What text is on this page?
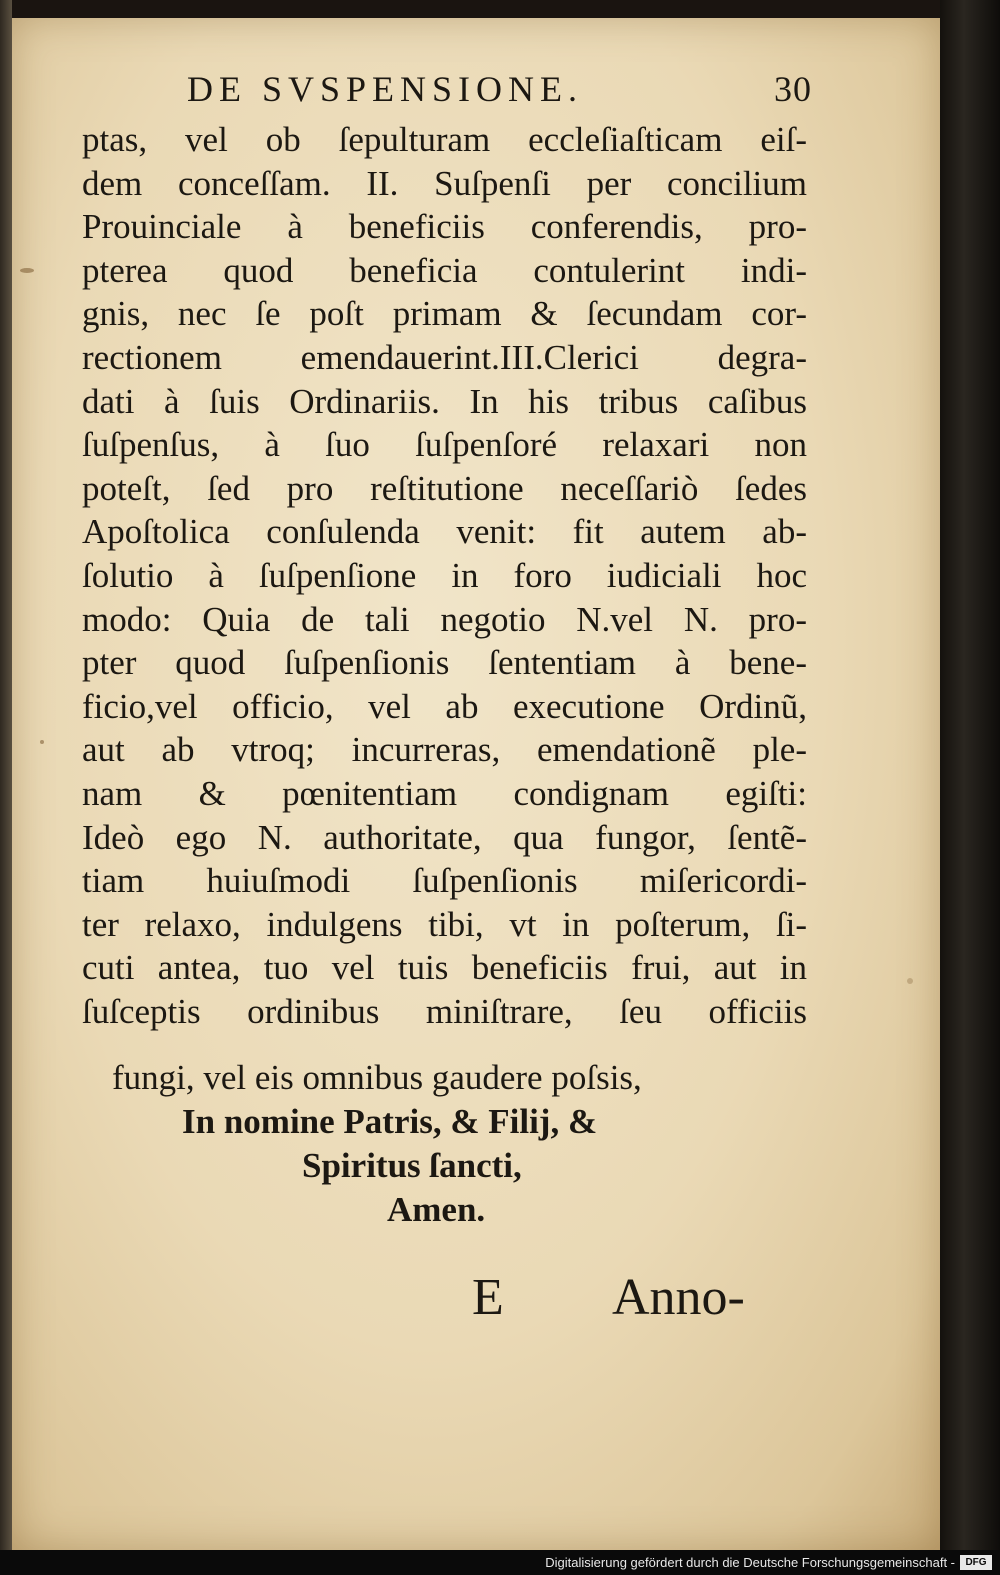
DE SVSPENSIONE.	30
ptas, vel ob ſepulturam eccleſiaſticam eiſ-
dem conceſſam. II. Suſpenſi per concilium
Prouinciale à beneficiis conferendis, pro-
pterea quod beneficia contulerint indi-
gnis, nec ſe poſt primam & ſecundam cor-
rectionem emendauerint.III.Clerici degra-
dati à ſuis Ordinariis. In his tribus caſibus
ſuſpenſus, à ſuo ſuſpenſoré relaxari non
poteſt, ſed pro reſtitutione neceſſariò ſedes
Apoſtolica conſulenda venit: fit autem ab-
ſolutio à ſuſpenſione in foro iudiciali hoc
modo: Quia de tali negotio N.vel N. pro-
pter quod ſuſpenſionis ſententiam à bene-
ficio,vel officio, vel ab executione Ordinũ,
aut ab vtroq; incurreras, emendationẽ ple-
nam & pœnitentiam condignam egiſti:
Ideò ego N. authoritate, qua fungor, ſentẽ-
tiam huiuſmodi ſuſpenſionis miſericordi-
ter relaxo, indulgens tibi, vt in poſterum, ſi-
cuti antea, tuo vel tuis beneficiis frui, aut in
ſuſceptis ordinibus miniſtrare, ſeu officiis
fungi, vel eis omnibus gaudere poſsis,
In nomine Patris, & Filij, &
Spiritus ſancti,
Amen.
E Anno-
Digitalisierung gefördert durch die Deutsche Forschungsgemeinschaft -	DFG
